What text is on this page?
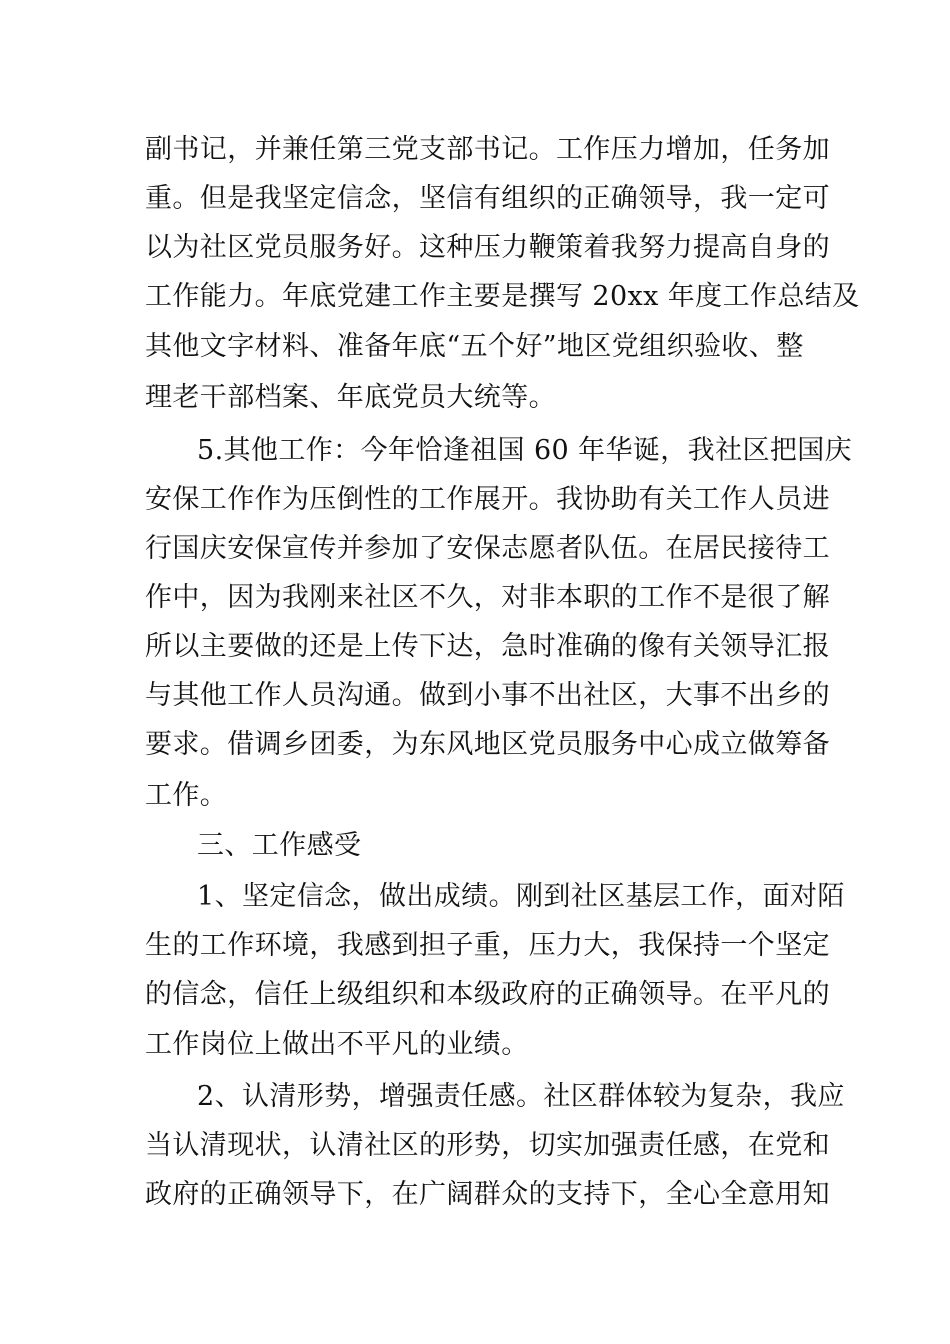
副书记，并兼任第三党支部书记。工作压力增加，任务加
重。但是我坚定信念，坚信有组织的正确领导，我一定可
以为社区党员服务好。这种压力鞭策着我努力提高自身的
工作能力。年底党建工作主要是撰写 20xx 年度工作总结及
其他文字材料、准备年底“五个好”地区党组织验收、整
理老干部档案、年底党员大统等。
5.其他工作：今年恰逢祖国 60 年华诞，我社区把国庆
安保工作作为压倒性的工作展开。我协助有关工作人员进
行国庆安保宣传并参加了安保志愿者队伍。在居民接待工
作中，因为我刚来社区不久，对非本职的工作不是很了解
所以主要做的还是上传下达，急时准确的像有关领导汇报
与其他工作人员沟通。做到小事不出社区，大事不出乡的
要求。借调乡团委，为东风地区党员服务中心成立做筹备
工作。
三、工作感受
1、坚定信念，做出成绩。刚到社区基层工作，面对陌
生的工作环境，我感到担子重，压力大，我保持一个坚定
的信念，信任上级组织和本级政府的正确领导。在平凡的
工作岗位上做出不平凡的业绩。
2、认清形势，增强责任感。社区群体较为复杂，我应
当认清现状，认清社区的形势，切实加强责任感，在党和
政府的正确领导下，在广阔群众的支持下，全心全意用知
